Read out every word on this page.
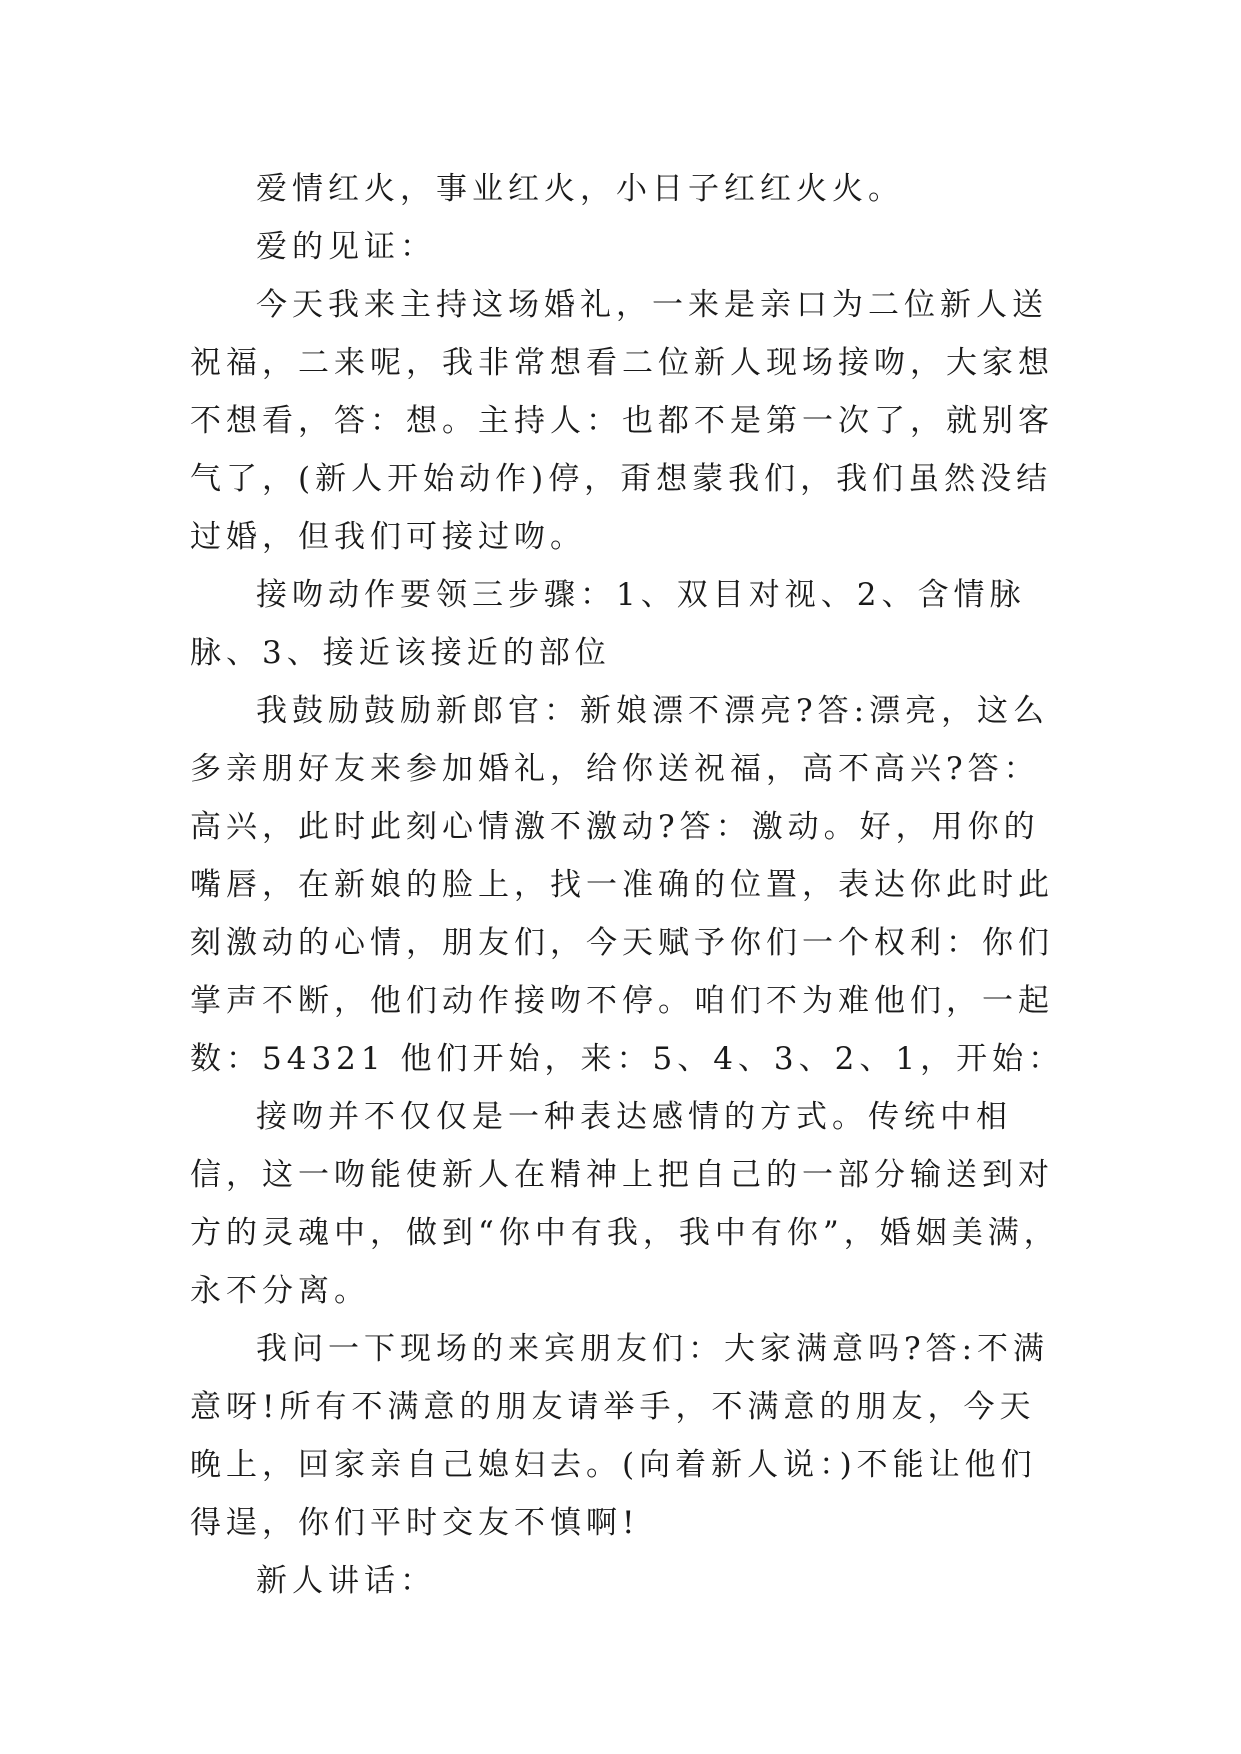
爱情红火，事业红火，小日子红红火火。

爱的见证：

今天我来主持这场婚礼，一来是亲口为二位新人送祝福，二来呢，我非常想看二位新人现场接吻，大家想不想看，答：想。主持人：也都不是第一次了，就别客气了，(新人开始动作)停，甭想蒙我们，我们虽然没结过婚，但我们可接过吻。

接吻动作要领三步骤：1、双目对视、2、含情脉脉、3、接近该接近的部位

我鼓励鼓励新郎官：新娘漂不漂亮?答:漂亮，这么多亲朋好友来参加婚礼，给你送祝福，高不高兴?答：高兴，此时此刻心情激不激动?答：激动。好，用你的嘴唇，在新娘的脸上，找一准确的位置，表达你此时此刻激动的心情，朋友们，今天赋予你们一个权利：你们掌声不断，他们动作接吻不停。咱们不为难他们，一起数：54321 他们开始，来：5、4、3、2、1，开始：

接吻并不仅仅是一种表达感情的方式。传统中相信，这一吻能使新人在精神上把自己的一部分输送到对方的灵魂中，做到“你中有我，我中有你”，婚姻美满，永不分离。

我问一下现场的来宾朋友们：大家满意吗?答:不满意呀!所有不满意的朋友请举手，不满意的朋友，今天晚上，回家亲自己媳妇去。(向着新人说：)不能让他们得逞，你们平时交友不慎啊!

新人讲话：
